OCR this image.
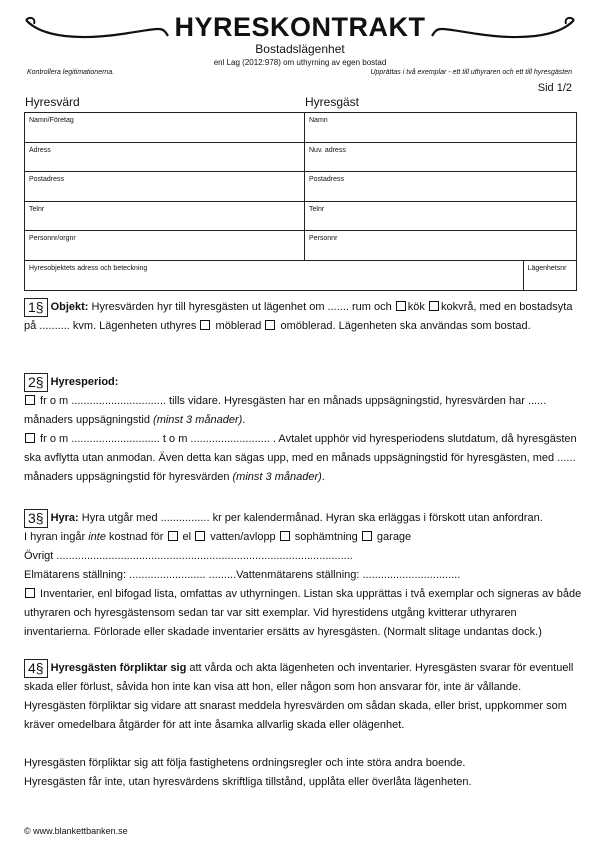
HYRESKONTRAKT
Bostadslägenhet
enl Lag (2012:978) om uthyrning av egen bostad
Kontrollera legitimationerna.	Upprättas i två exemplar - ett till uthyraren och ett till hyresgästen
Sid 1/2
Hyresvärd	Hyresgäst
Namn/Företag	Namn	
Adress	Nuv. adress	
Postadress	Postadress	
Telnr	Telnr	
Personnr/orgnr	Personnr	
Hyresobjektets adress och beteckning		Lägenhetsnr

1§ Objekt: Hyresvärden hyr till hyresgästen ut lägenhet om ....... rum och kök kokvrå, med en bostadsyta på .......... kvm. Lägenheten uthyres  möblerad  omöblerad. Lägenheten ska användas som bostad.

2§ Hyresperiod:

fr o m ............................... tills vidare. Hyresgästen har en månads uppsägningstid, hyresvärden har ...... månaders uppsägningstid (minst 3 månader).

fr o m ............................. t o m .......................... . Avtalet upphör vid hyresperiodens slutdatum, då hyresgästen ska avflytta utan anmodan. Även detta kan sägas upp, med en månads uppsägningstid för hyresgästen, med ...... månaders uppsägningstid för hyresvärden (minst 3 månader).

3§ Hyra: Hyra utgår med ................ kr per kalendermånad. Hyran ska erläggas i förskott utan anfordran.

I hyran ingår inte kostnad för  el  vatten/avlopp  sophämtning  garage

Övrigt .................................................................................................

Elmätarens ställning: ......................... .........Vattenmätarens ställning: ................................

Inventarier, enl bifogad lista, omfattas av uthyrningen. Listan ska upprättas i två exemplar och signeras av både uthyraren och hyresgästensom sedan tar var sitt exemplar. Vid hyrestidens utgång kvitterar uthyraren inventarierna. Förlorade eller skadade inventarier ersätts av hyresgästen. (Normalt slitage undantas dock.)

4§ Hyresgästen förpliktar sig att vårda och akta lägenheten och inventarier. Hyresgästen svarar för eventuell skada eller förlust, såvida hon inte kan visa att hon, eller någon som hon ansvarar för, inte är vållande.

Hyresgästen förpliktar sig vidare att snarast meddela hyresvärden om sådan skada, eller brist, uppkommer som kräver omedelbara åtgärder för att inte åsamka allvarlig skada eller olägenhet.

Hyresgästen förpliktar sig att följa fastighetens ordningsregler och inte störa andra boende.

Hyresgästen får inte, utan hyresvärdens skriftliga tillstånd, upplåta eller överlåta lägenheten.

© www.blankettbanken.se
